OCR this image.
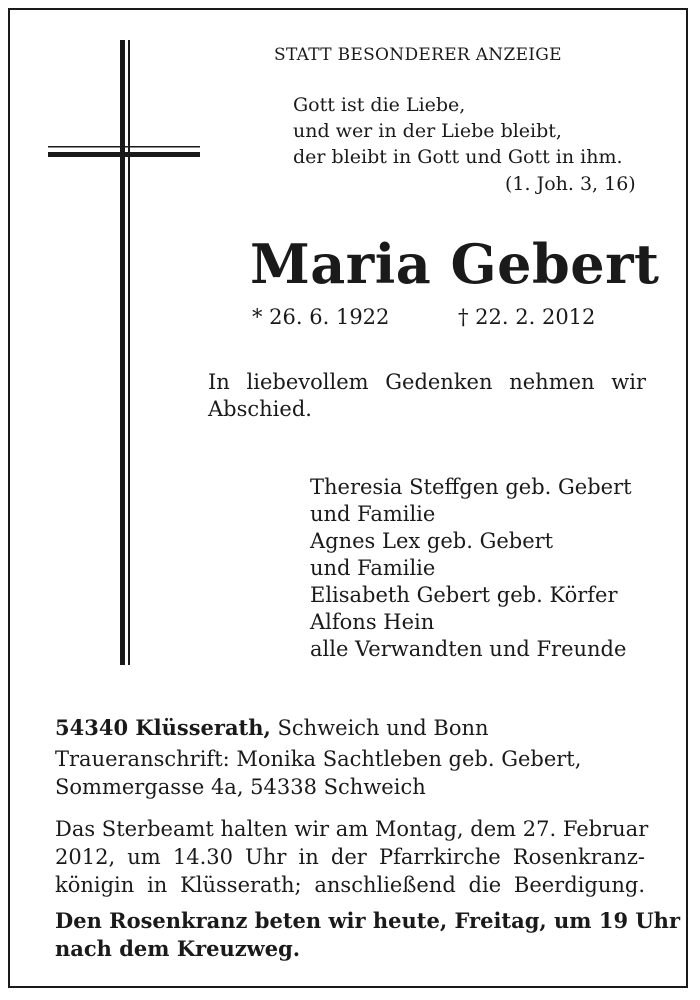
STATT BESONDERER ANZEIGE
Gott ist die Liebe,
und wer in der Liebe bleibt,
der bleibt in Gott und Gott in ihm.
(1. Joh. 3, 16)
Maria Gebert
* 26. 6. 1922	† 22. 2. 2012
In liebevollem Gedenken nehmen wir
Abschied.
Theresia Steffgen geb. Gebert
und Familie
Agnes Lex geb. Gebert
und Familie
Elisabeth Gebert geb. Körfer
Alfons Hein
alle Verwandten und Freunde
54340 Klüsserath, Schweich und Bonn
Traueranschrift: Monika Sachtleben geb. Gebert,
Sommergasse 4a, 54338 Schweich
Das Sterbeamt halten wir am Montag, dem 27. Februar
2012, um 14.30 Uhr in der Pfarrkirche Rosenkranz-
königin in Klüsserath; anschließend die Beerdigung.
Den Rosenkranz beten wir heute, Freitag, um 19 Uhr
nach dem Kreuzweg.
